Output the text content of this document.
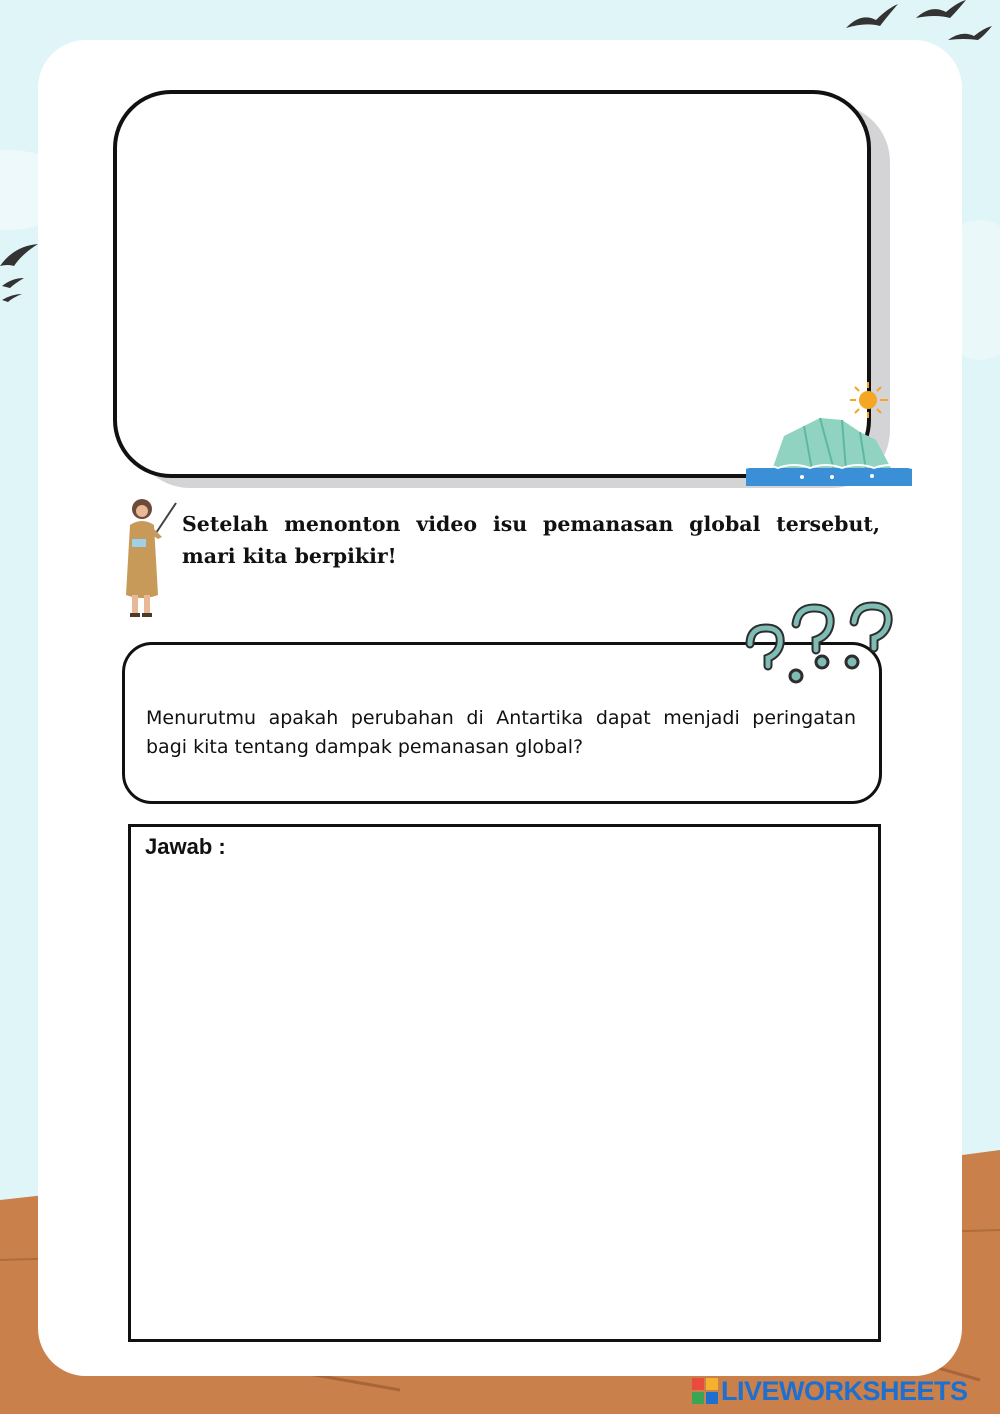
Setelah menonton video isu pemanasan global tersebut, mari kita berpikir!
Menurutmu apakah perubahan di Antartika dapat menjadi peringatan bagi kita tentang dampak pemanasan global?
Jawab :
LIVEWORKSHEETS
